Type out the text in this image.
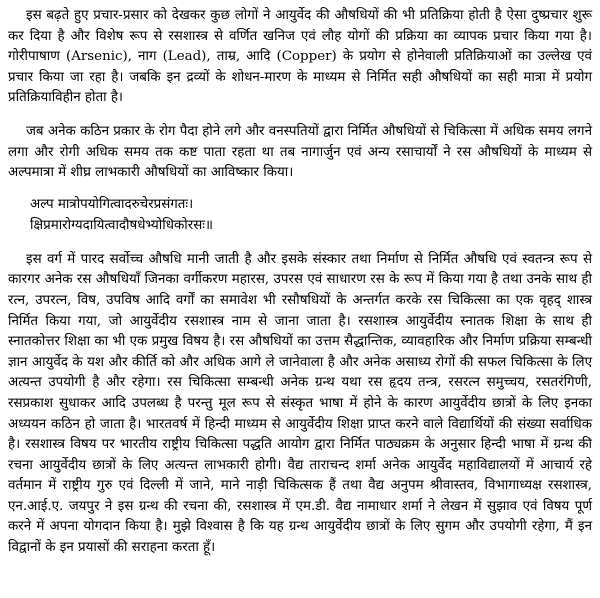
इस बढ़ते हुए प्रचार-प्रसार को देखकर कुछ लोगों ने आयुर्वेद की औषधियों की भी प्रतिक्रिया होती है ऐसा दुष्प्रचार शुरू कर दिया है और विशेष रूप से रसशास्त्र से वर्णित खनिज एवं लौह योगों की प्रक्रिया का व्यापक प्रचार किया गया है। गोरीपाषाण (Arsenic), नाग (Lead), ताम्र, आदि (Copper) के प्रयोग से होनेवाली प्रतिक्रियाओं का उल्लेख एवं प्रचार किया जा रहा है। जबकि इन द्रव्यों के शोधन-मारण के माध्यम से निर्मित सही औषधियों का सही मात्रा में प्रयोग प्रतिक्रियाविहीन होता है।

जब अनेक कठिन प्रकार के रोग पैदा होने लगे और वनस्पतियों द्वारा निर्मित औषधियों से चिकित्सा में अधिक समय लगने लगा और रोगी अधिक समय तक कष्ट पाता रहता था तब नागार्जुन एवं अन्य रसाचार्यों ने रस औषधियों के माध्यम से अल्पमात्रा में शीघ्र लाभकारी औषधियों का आविष्कार किया।

अल्प मात्रोपयोगित्वादरुचेरप्रसंगतः।
क्षिप्रमारोग्यदायित्वादौषधेभ्योधिकोरसः॥

इस वर्ग में पारद सर्वोच्च औषधि मानी जाती है और इसके संस्कार तथा निर्माण से निर्मित औषधि एवं स्वतन्त्र रूप से कारगर अनेक रस औषधियाँ जिनका वर्गीकरण महारस, उपरस एवं साधारण रस के रूप में किया गया है तथा उनके साथ ही रत्न, उपरत्न, विष, उपविष आदि वर्गों का समावेश भी रसौषधियों के अन्तर्गत करके रस चिकित्सा का एक वृहद् शास्त्र निर्मित किया गया, जो आयुर्वेदीय रसशास्त्र नाम से जाना जाता है। रसशास्त्र आयुर्वेदीय स्नातक शिक्षा के साथ ही स्नातकोत्तर शिक्षा का भी एक प्रमुख विषय है। रस औषधियों का उत्तम सैद्धान्तिक, व्यावहारिक और निर्माण प्रक्रिया सम्बन्धी ज्ञान आयुर्वेद के यश और कीर्ति को और अधिक आगे ले जानेवाला है और अनेक असाध्य रोगों की सफल चिकित्सा के लिए अत्यन्त उपयोगी है और रहेगा। रस चिकित्सा सम्बन्धी अनेक ग्रन्थ यथा रस हृदय तन्त्र, रसरत्न समुच्चय, रसतरंगिणी, रसप्रकाश सुधाकर आदि उपलब्ध है परन्तु मूल रूप से संस्कृत भाषा में होने के कारण आयुर्वेदीय छात्रों के लिए इनका अध्ययन कठिन हो जाता है। भारतवर्ष में हिन्दी माध्यम से आयुर्वेदीय शिक्षा प्राप्त करने वाले विद्यार्थियों की संख्या सर्वाधिक है। रसशास्त्र विषय पर भारतीय राष्ट्रीय चिकित्सा पद्धति आयोग द्वारा निर्मित पाठ्यक्रम के अनुसार हिन्दी भाषा में ग्रन्थ की रचना आयुर्वेदीय छात्रों के लिए अत्यन्त लाभकारी होगी। वैद्य ताराचन्द शर्मा अनेक आयुर्वेद महाविद्यालयों में आचार्य रहे वर्तमान में राष्ट्रीय गुरु एवं दिल्ली में जाने, माने नाड़ी चिकित्सक हैं तथा वैद्य अनुपम श्रीवास्तव, विभागाध्यक्ष रसशास्त्र, एन.आई.ए. जयपुर ने इस ग्रन्थ की रचना की, रसशास्त्र में एम.डी. वैद्य नामाधार शर्मा ने लेखन में सुझाव एवं विषय पूर्ण करने में अपना योगदान किया है। मुझे विश्वास है कि यह ग्रन्थ आयुर्वेदीय छात्रों के लिए सुगम और उपयोगी रहेगा, मैं इन विद्वानों के इन प्रयासों की सराहना करता हूँ।
